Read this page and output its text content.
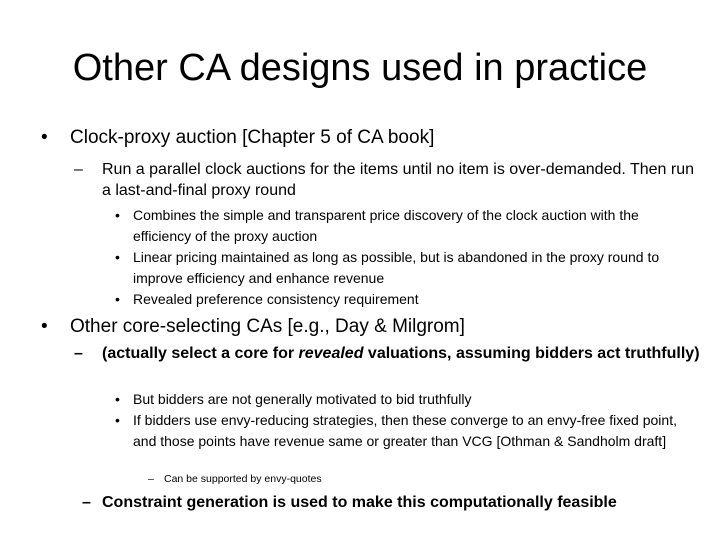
Other CA designs used in practice
• Clock-proxy auction [Chapter 5 of CA book]
– Run a parallel clock auctions for the items until no item is over-demanded. Then run a last-and-final proxy round
• Combines the simple and transparent price discovery of the clock auction with the efficiency of the proxy auction
• Linear pricing maintained as long as possible, but is abandoned in the proxy round to improve efficiency and enhance revenue
• Revealed preference consistency requirement
• Other core-selecting CAs [e.g., Day & Milgrom]
– (actually select a core for revealed valuations, assuming bidders act truthfully)
• But bidders are not generally motivated to bid truthfully
• If bidders use envy-reducing strategies, then these converge to an envy-free fixed point, and those points have revenue same or greater than VCG [Othman & Sandholm draft]
– Can be supported by envy-quotes
– Constraint generation is used to make this computationally feasible
